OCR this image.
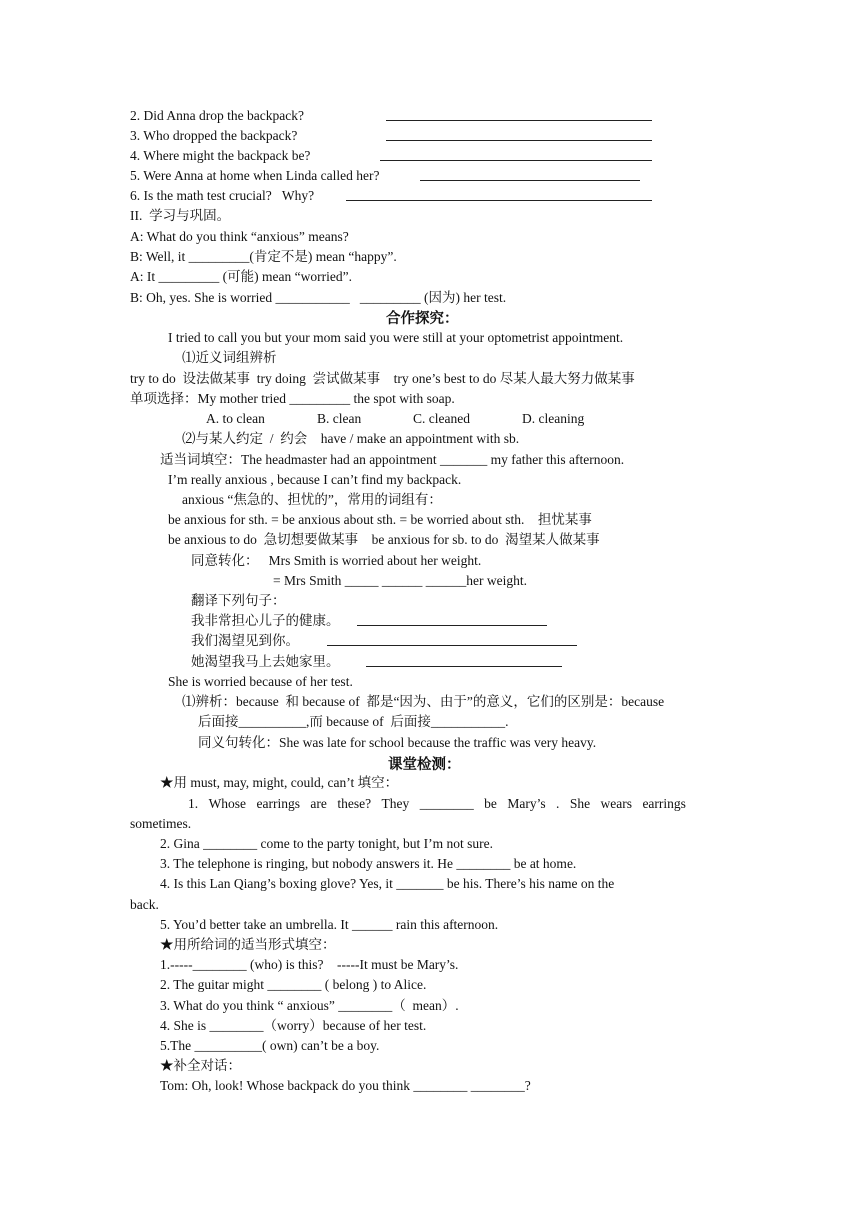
2. Did Anna drop the backpack?
3. Who dropped the backpack?
4. Where might the backpack be?
5. Were Anna at home when Linda called her?
6. Is the math test crucial?   Why?
II.  学习与巩固。
A: What do you think “anxious” means?
B: Well, it _________(肯定不是) mean “happy”.
A: It _________ (可能) mean “worried”.
B: Oh, yes. She is worried ___________   _________ (因为) her test.
合作探究：
I tried to call you but your mom said you were still at your optometrist appointment.
⑴近义词组辨析
try to do  设法做某事  try doing  尝试做某事    try one’s best to do 尽某人最大努力做某事
单项选择：My mother tried _________ the spot with soap.
A. to clean	B. clean	C. cleaned	D. cleaning
⑵与某人约定  /  约会    have / make an appointment with sb.
适当词填空：The headmaster had an appointment _______ my father this afternoon.
I’m really anxious , because I can’t find my backpack.
anxious “焦急的、担忧的”，常用的词组有：
be anxious for sth. = be anxious about sth. = be worried about sth.    担忧某事
be anxious to do  急切想要做某事    be anxious for sb. to do  渴望某人做某事
同意转化：   Mrs Smith is worried about her weight.
= Mrs Smith _____ ______ ______her weight.
翻译下列句子：
我非常担心儿子的健康。
我们渴望见到你。
她渴望我马上去她家里。
She is worried because of her test.
⑴辨析：because  和 because of  都是“因为、由于”的意义，它们的区别是：because
后面接__________,而 because of  后面接___________.
同义句转化：She was late for school because the traffic was very heavy.
课堂检测：
★用 must, may, might, could, can’t 填空：
1. Whose earrings are these? They ________ be Mary’s . She wears earrings
sometimes.
2. Gina ________ come to the party tonight, but I’m not sure.
3. The telephone is ringing, but nobody answers it. He ________ be at home.
4. Is this Lan Qiang’s boxing glove? Yes, it _______ be his. There’s his name on the
back.
5. You’d better take an umbrella. It ______ rain this afternoon.
★用所给词的适当形式填空：
1.-----________ (who) is this?    -----It must be Mary’s.
2. The guitar might ________ ( belong ) to Alice.
3. What do you think “ anxious” ________（  mean）.
4. She is ________（worry）because of her test.
5.The __________( own) can’t be a boy.
★补全对话：
Tom: Oh, look! Whose backpack do you think ________ ________?
